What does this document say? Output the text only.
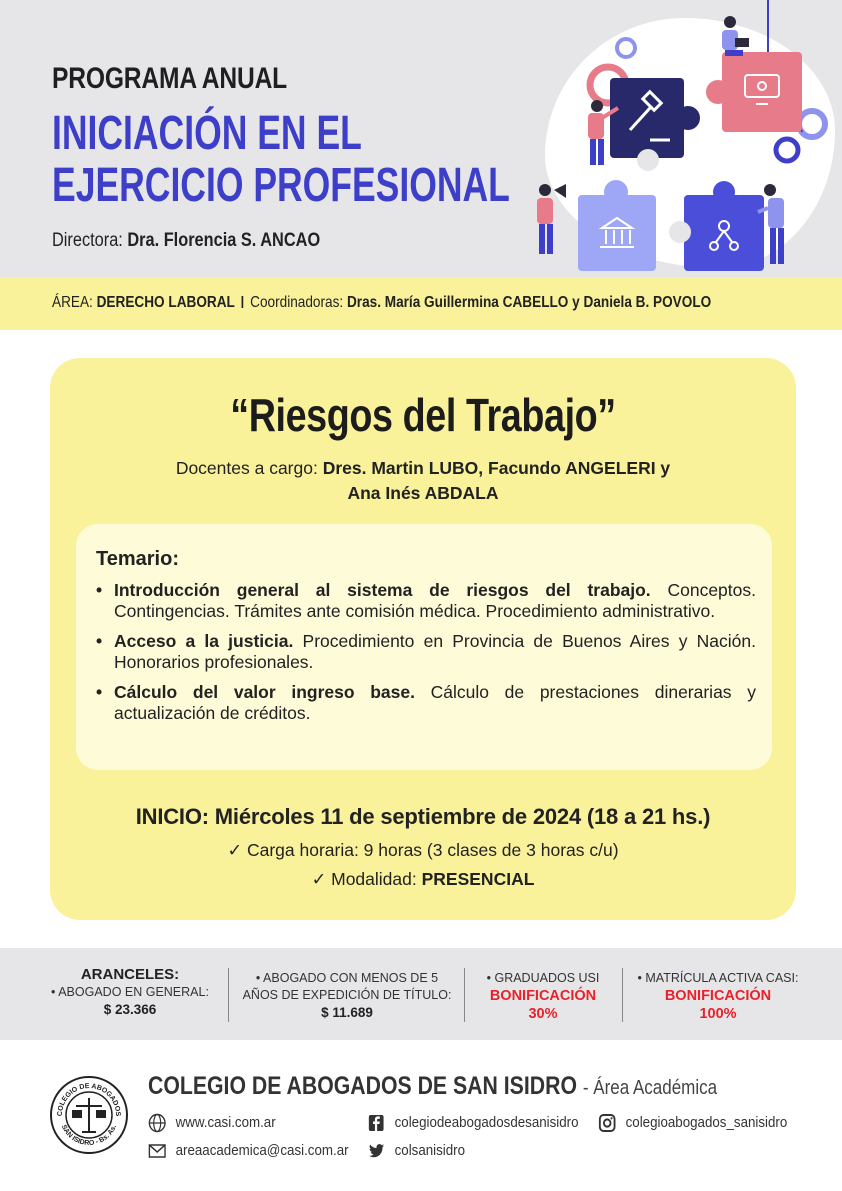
PROGRAMA ANUAL
INICIACIÓN EN EL
EJERCICIO PROFESIONAL
Directora: Dra. Florencia S. ANCAO
ÁREA: DERECHO LABORAL Coordinadoras: Dras. María Guillermina CABELLO y Daniela B. POVOLO
“Riesgos del Trabajo”
Docentes a cargo: Dres. Martin LUBO, Facundo ANGELERI y
Ana Inés ABDALA
Temario:
• Introducción general al sistema de riesgos del trabajo. Conceptos. Contingencias. Trámites ante comisión médica. Procedimiento administrativo.
• Acceso a la justicia. Procedimiento en Provincia de Buenos Aires y Nación. Honorarios profesionales.
• Cálculo del valor ingreso base. Cálculo de prestaciones dinerarias y actualización de créditos.
INICIO: Miércoles 11 de septiembre de 2024 (18 a 21 hs.)
✓ Carga horaria: 9 horas (3 clases de 3 horas c/u)
✓ Modalidad: PRESENCIAL
ARANCELES:
• ABOGADO EN GENERAL:
$ 23.366
• ABOGADO CON MENOS DE 5
AÑOS DE EXPEDICIÓN DE TÍTULO:
$ 11.689
• GRADUADOS USI
BONIFICACIÓN
30%
• MATRÍCULA ACTIVA CASI:
BONIFICACIÓN
100%
COLEGIO DE ABOGADOS
SAN ISIDRO - Bs. As.
COLEGIO DE ABOGADOS DE SAN ISIDRO - Área Académica
www.casi.com.ar
areaacademica@casi.com.ar
colegiodeabogadosdesanisidro
colsanisidro
colegioabogados_sanisidro
